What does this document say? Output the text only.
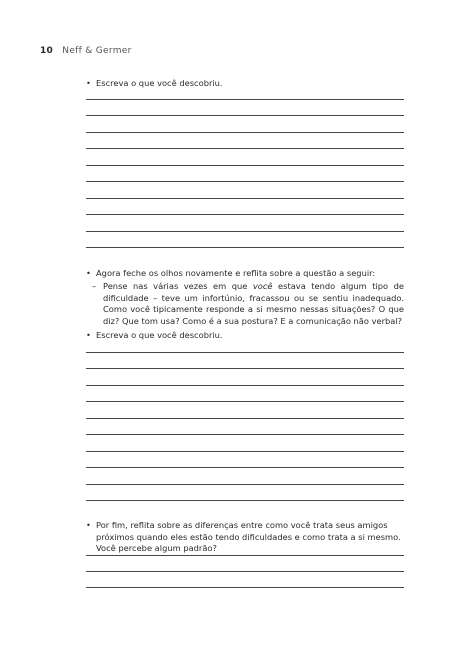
10 Neff & Germer
• Escreva o que você descobriu.
• Agora feche os olhos novamente e reflita sobre a questão a seguir:
– Pense nas várias vezes em que você estava tendo algum tipo de dificuldade – teve um infortúnio, fracassou ou se sentiu inadequado. Como você tipicamente responde a si mesmo nessas situações? O que diz? Que tom usa? Como é a sua postura? E a comunicação não verbal?
• Escreva o que você descobriu.
• Por fim, reflita sobre as diferenças entre como você trata seus amigos próximos quando eles estão tendo dificuldades e como trata a si mesmo. Você percebe algum padrão?
